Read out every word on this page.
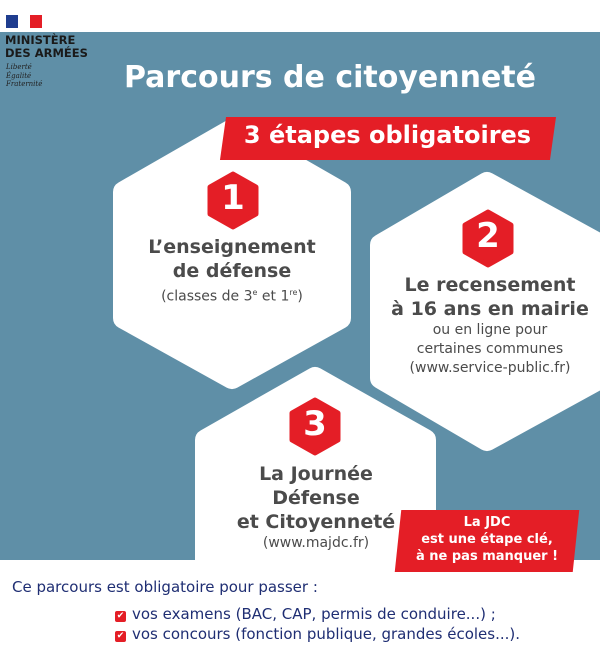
MINISTÈRE
DES ARMÉES
Liberté
Égalité
Fraternité	Parcours de citoyenneté
3 étapes obligatoires
1
L’enseignement
de défense
(classes de 3e et 1re)
2
Le recensement
à 16 ans en mairie
ou en ligne pour
certaines communes
(www.service-public.fr)
3
La Journée
Défense
et Citoyenneté
(www.majdc.fr)
La JDC
est une étape clé,
à ne pas manquer !
Ce parcours est obligatoire pour passer :
✔ vos examens (BAC, CAP, permis de conduire...) ;
✔ vos concours (fonction publique, grandes écoles...).
